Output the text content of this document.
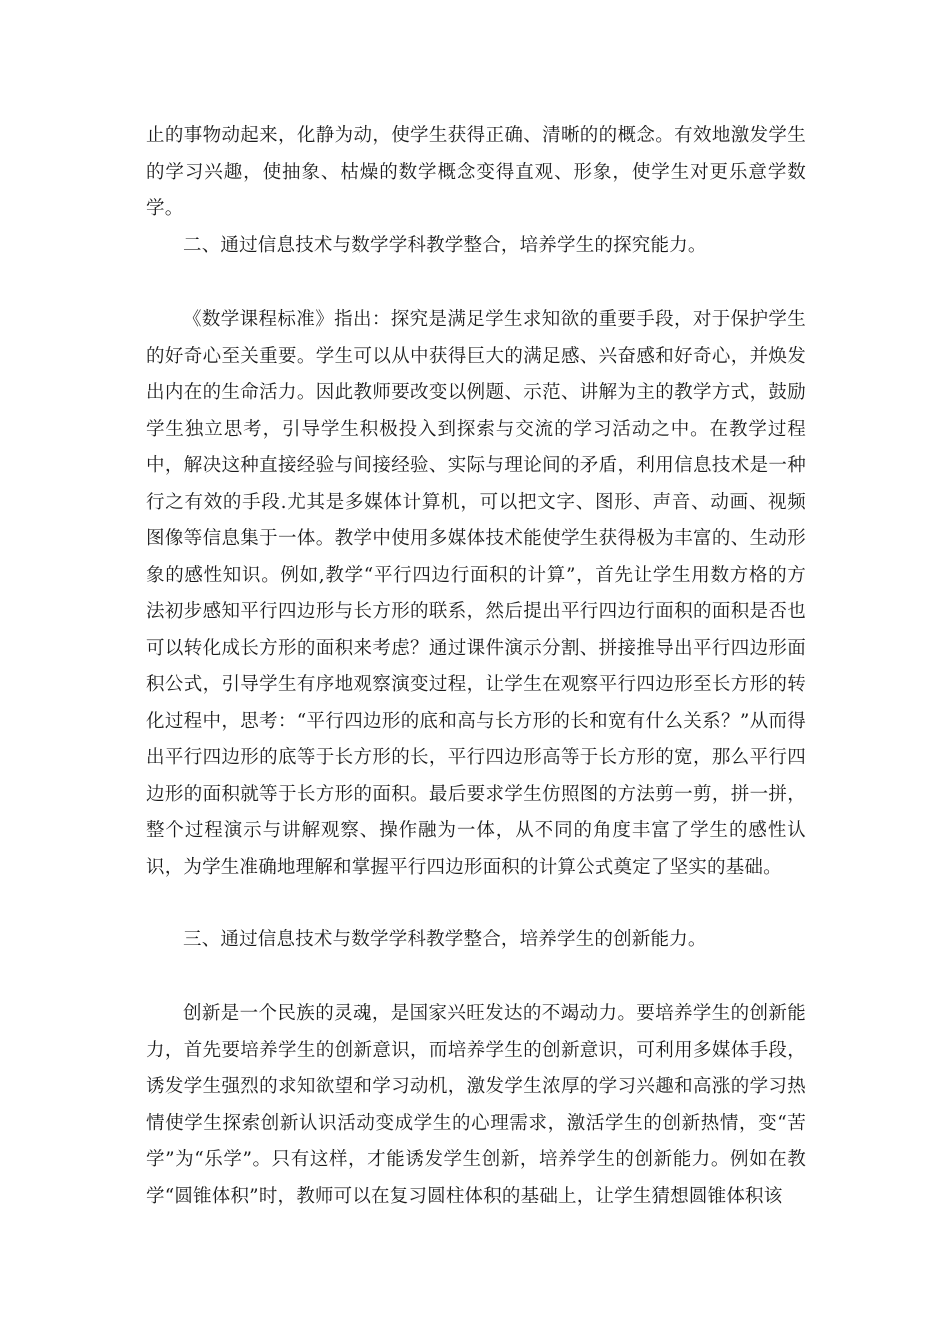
止的事物动起来，化静为动，使学生获得正确、清晰的的概念。有效地激发学生的学习兴趣，使抽象、枯燥的数学概念变得直观、形象，使学生对更乐意学数学。

二、通过信息技术与数学学科教学整合，培养学生的探究能力。

《数学课程标准》指出：探究是满足学生求知欲的重要手段，对于保护学生的好奇心至关重要。学生可以从中获得巨大的满足感、兴奋感和好奇心，并焕发出内在的生命活力。因此教师要改变以例题、示范、讲解为主的教学方式，鼓励学生独立思考，引导学生积极投入到探索与交流的学习活动之中。在教学过程中，解决这种直接经验与间接经验、实际与理论间的矛盾，利用信息技术是一种行之有效的手段.尤其是多媒体计算机，可以把文字、图形、声音、动画、视频图像等信息集于一体。教学中使用多媒体技术能使学生获得极为丰富的、生动形象的感性知识。例如,教学“平行四边行面积的计算”，首先让学生用数方格的方法初步感知平行四边形与长方形的联系，然后提出平行四边行面积的面积是否也可以转化成长方形的面积来考虑？通过课件演示分割、拼接推导出平行四边形面积公式，引导学生有序地观察演变过程，让学生在观察平行四边形至长方形的转化过程中，思考：“平行四边形的底和高与长方形的长和宽有什么关系？”从而得出平行四边形的底等于长方形的长，平行四边形高等于长方形的宽，那么平行四边形的面积就等于长方形的面积。最后要求学生仿照图的方法剪一剪，拼一拼，整个过程演示与讲解观察、操作融为一体，从不同的角度丰富了学生的感性认识，为学生准确地理解和掌握平行四边形面积的计算公式奠定了坚实的基础。

三、通过信息技术与数学学科教学整合，培养学生的创新能力。

创新是一个民族的灵魂，是国家兴旺发达的不竭动力。要培养学生的创新能力，首先要培养学生的创新意识，而培养学生的创新意识，可利用多媒体手段，诱发学生强烈的求知欲望和学习动机，激发学生浓厚的学习兴趣和高涨的学习热情使学生探索创新认识活动变成学生的心理需求，激活学生的创新热情，变“苦学”为“乐学”。只有这样，才能诱发学生创新，培养学生的创新能力。例如在教学“圆锥体积”时，教师可以在复习圆柱体积的基础上，让学生猜想圆锥体积该
